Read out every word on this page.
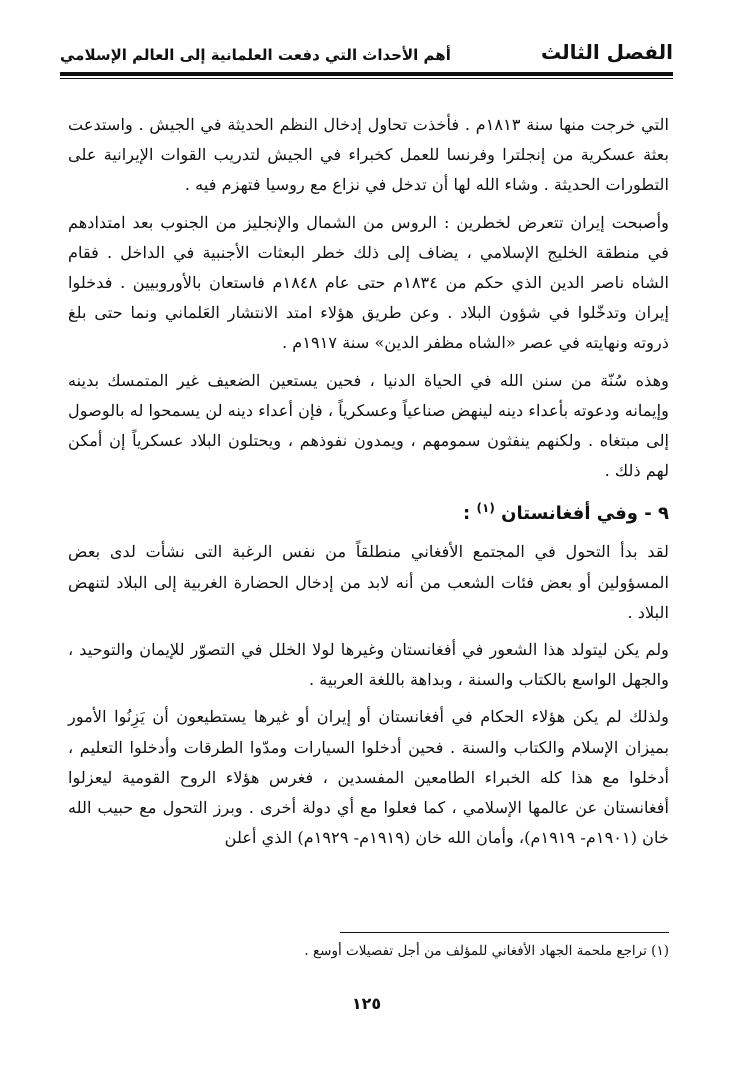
الفصل الثالث
أهم الأحداث التي دفعت العلمانية إلى العالم الإسلامي

التي خرجت منها سنة ١٨١٣م . فأخذت تحاول إدخال النظم الحديثة في الجيش . واستدعت بعثة عسكرية من إنجلترا وفرنسا للعمل كخبراء في الجيش لتدريب القوات الإيرانية على التطورات الحديثة . وشاء الله لها أن تدخل في نزاع مع روسيا فتهزم فيه .

وأصبحت إيران تتعرض لخطرين : الروس من الشمال والإنجليز من الجنوب بعد امتدادهم في منطقة الخليج الإسلامي ، يضاف إلى ذلك خطر البعثات الأجنبية في الداخل . فقام الشاه ناصر الدين الذي حكم من ١٨٣٤م حتى عام ١٨٤٨م فاستعان بالأوروبيين . فدخلوا إيران وتدخّلوا في شؤون البلاد . وعن طريق هؤلاء امتد الانتشار العَلماني ونما حتى بلغ ذروته ونهايته في عصر «الشاه مظفر الدين» سنة ١٩١٧م .

وهذه سُنّة من سنن الله في الحياة الدنيا ، فحين يستعين الضعيف غير المتمسك بدينه وإيمانه ودعوته بأعداء دينه لينهض صناعياً وعسكرياً ، فإن أعداء دينه لن يسمحوا له بالوصول إلى مبتغاه . ولكنهم ينفثون سمومهم ، ويمدون نفوذهم ، ويحتلون البلاد عسكرياً إن أمكن لهم ذلك .

٩ - وفي أفغانستان $^{(١)}$ :

لقد بدأ التحول في المجتمع الأفغاني منطلقاً من نفس الرغبة التى نشأت لدى بعض المسؤولين أو بعض فئات الشعب من أنه لابد من إدخال الحضارة الغربية إلى البلاد لتنهض البلاد .

ولم يكن ليتولد هذا الشعور في أفغانستان وغيرها لولا الخلل في التصوّر للإيمان والتوحيد ، والجهل الواسع بالكتاب والسنة ، وبداهة باللغة العربية .

ولذلك لم يكن هؤلاء الحكام في أفغانستان أو إيران أو غيرها يستطيعون أن يَزِنُوا الأمور بميزان الإسلام والكتاب والسنة . فحين أدخلوا السيارات ومدّوا الطرقات وأدخلوا التعليم ، أدخلوا مع هذا كله الخبراء الطامعين المفسدين ، فغرس هؤلاء الروح القومية ليعزلوا أفغانستان عن عالمها الإسلامي ، كما فعلوا مع أي دولة أخرى . وبرز التحول مع حبيب الله خان (١٩٠١م- ١٩١٩م)، وأمان الله خان (١٩١٩م- ١٩٢٩م) الذي أعلن

(١) تراجع ملحمة الجهاد الأفغاني للمؤلف من أجل تفصيلات أوسع .
١٢٥
